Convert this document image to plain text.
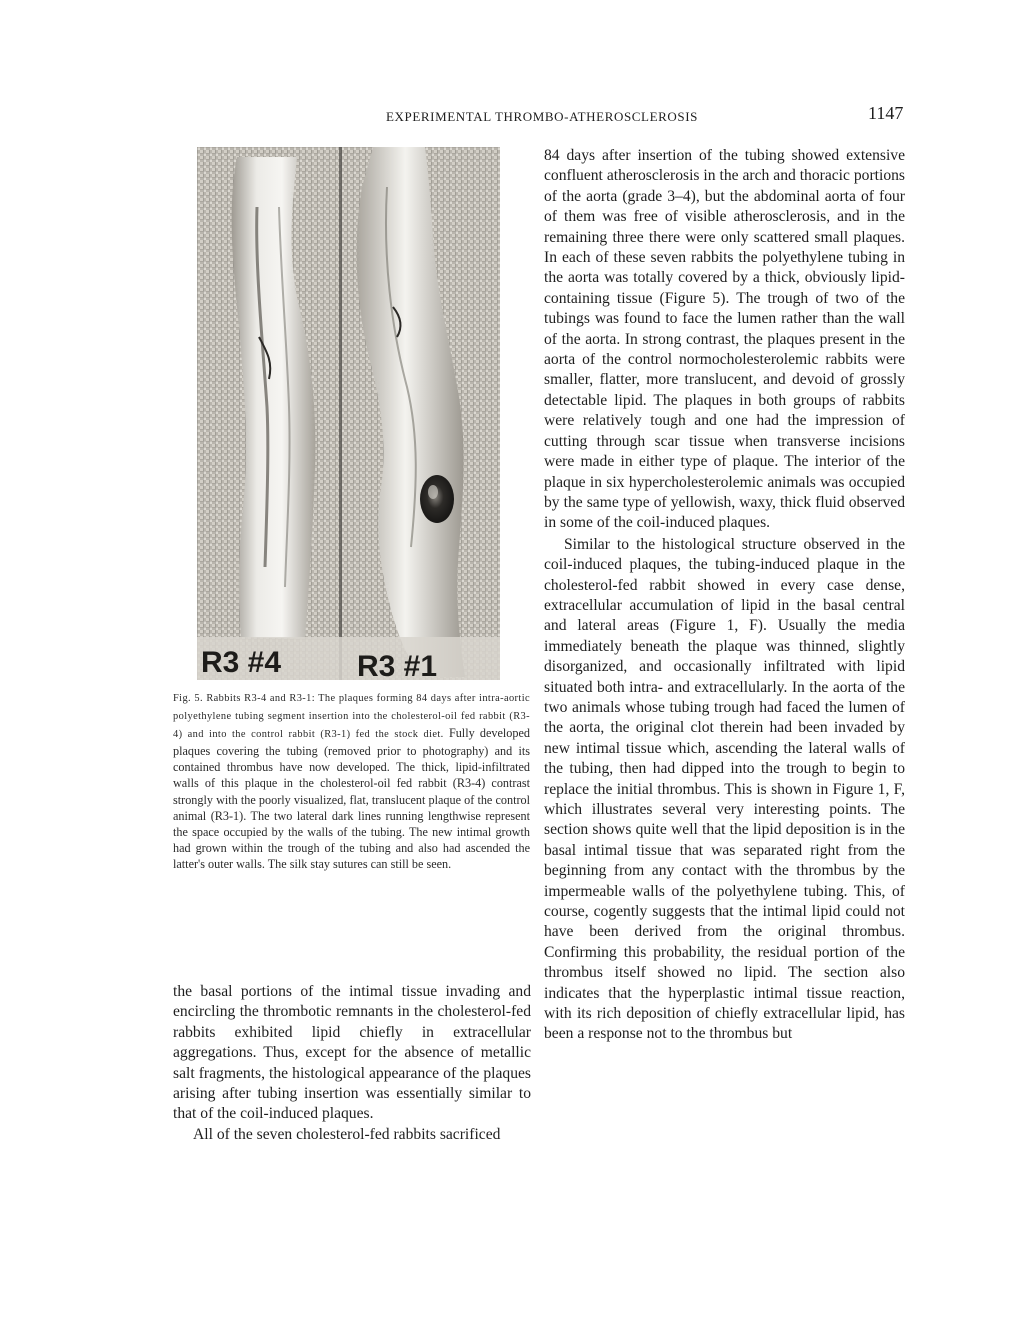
EXPERIMENTAL THROMBO-ATHEROSCLEROSIS	1147
R3 #4	R3 #1
Fig. 5. Rabbits R3-4 and R3-1: The plaques forming 84 days after intra-aortic polyethylene tubing segment insertion into the cholesterol-oil fed rabbit (R3-4) and into the control rabbit (R3-1) fed the stock diet. Fully developed plaques covering the tubing (removed prior to photography) and its contained thrombus have now developed. The thick, lipid-infiltrated walls of this plaque in the cholesterol-oil fed rabbit (R3-4) contrast strongly with the poorly visualized, flat, translucent plaque of the control animal (R3-1). The two lateral dark lines running lengthwise represent the space occupied by the walls of the tubing. The new intimal growth had grown within the trough of the tubing and also had ascended the latter's outer walls. The silk stay sutures can still be seen.

the basal portions of the intimal tissue invading and encircling the thrombotic remnants in the cholesterol-fed rabbits exhibited lipid chiefly in extracellular aggregations. Thus, except for the absence of metallic salt fragments, the histological appearance of the plaques arising after tubing insertion was essentially similar to that of the coil-induced plaques.

All of the seven cholesterol-fed rabbits sacrificed

84 days after insertion of the tubing showed extensive confluent atherosclerosis in the arch and thoracic portions of the aorta (grade 3–4), but the abdominal aorta of four of them was free of visible atherosclerosis, and in the remaining three there were only scattered small plaques. In each of these seven rabbits the polyethylene tubing in the aorta was totally covered by a thick, obviously lipid-containing tissue (Figure 5). The trough of two of the tubings was found to face the lumen rather than the wall of the aorta. In strong contrast, the plaques present in the aorta of the control normocholesterolemic rabbits were smaller, flatter, more translucent, and devoid of grossly detectable lipid. The plaques in both groups of rabbits were relatively tough and one had the impression of cutting through scar tissue when transverse incisions were made in either type of plaque. The interior of the plaque in six hypercholesterolemic animals was occupied by the same type of yellowish, waxy, thick fluid observed in some of the coil-induced plaques.

Similar to the histological structure observed in the coil-induced plaques, the tubing-induced plaque in the cholesterol-fed rabbit showed in every case dense, extracellular accumulation of lipid in the basal central and lateral areas (Figure 1, F). Usually the media immediately beneath the plaque was thinned, slightly disorganized, and occasionally infiltrated with lipid situated both intra- and extracellularly. In the aorta of the two animals whose tubing trough had faced the lumen of the aorta, the original clot therein had been invaded by new intimal tissue which, ascending the lateral walls of the tubing, then had dipped into the trough to begin to replace the initial thrombus. This is shown in Figure 1, F, which illustrates several very interesting points. The section shows quite well that the lipid deposition is in the basal intimal tissue that was separated right from the beginning from any contact with the thrombus by the impermeable walls of the polyethylene tubing. This, of course, cogently suggests that the intimal lipid could not have been derived from the original thrombus. Confirming this probability, the residual portion of the thrombus itself showed no lipid. The section also indicates that the hyperplastic intimal tissue reaction, with its rich deposition of chiefly extracellular lipid, has been a response not to the thrombus but
